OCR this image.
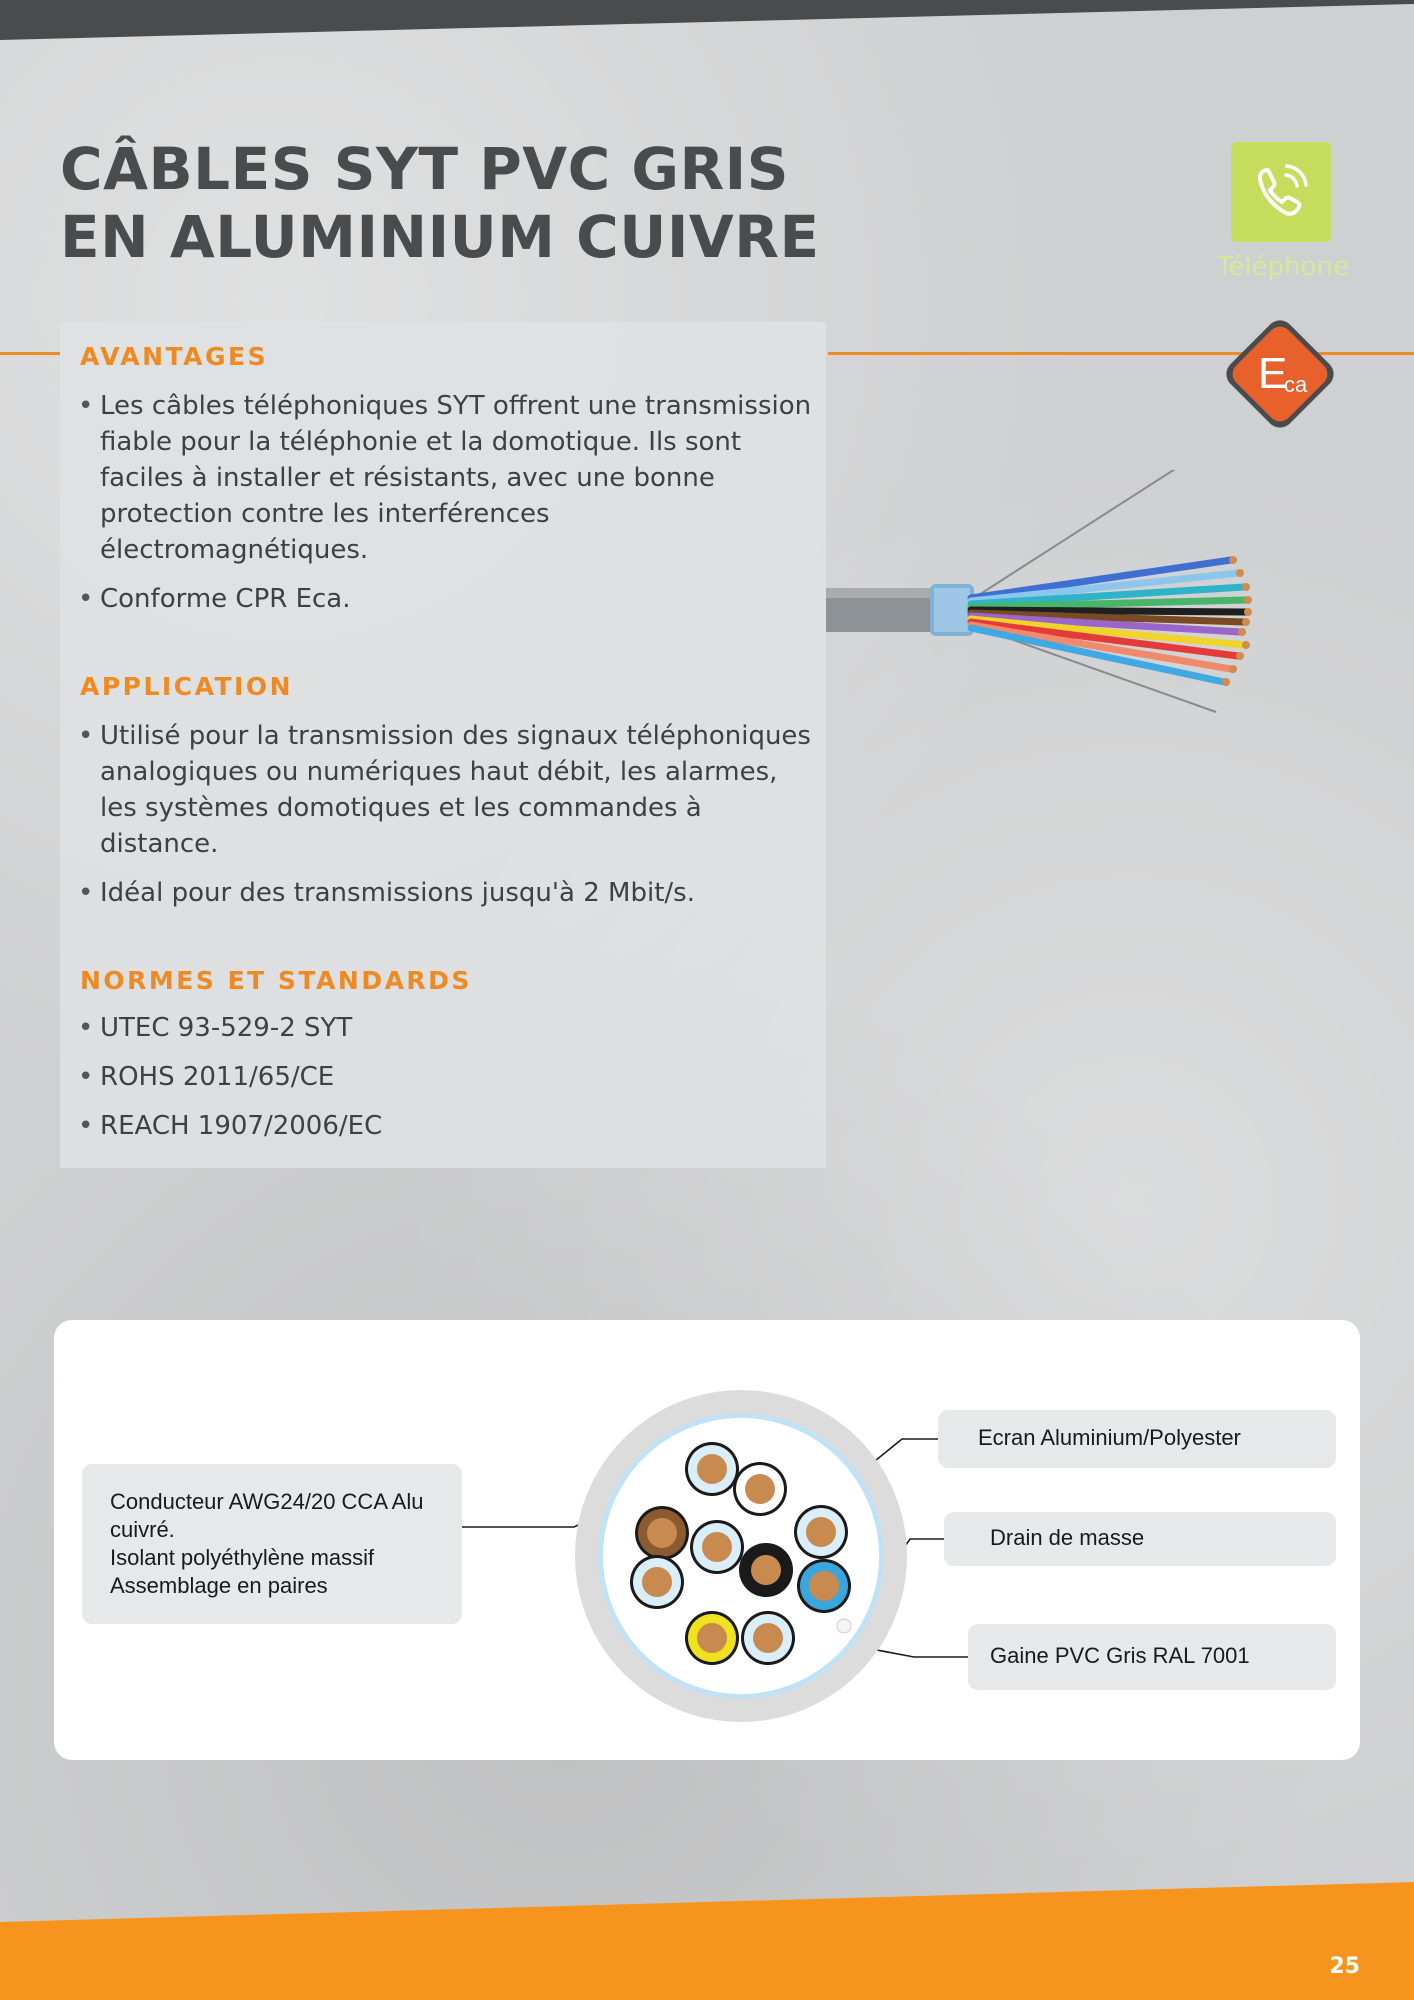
CÂBLES SYT PVC GRIS
EN ALUMINIUM CUIVRE	Téléphone
E
ca
AVANTAGES
• Les câbles téléphoniques SYT offrent une transmission fiable pour la téléphonie et la domotique. Ils sont faciles à installer et résistants, avec une bonne protection contre les interférences électromagnétiques.
• Conforme CPR Eca.
APPLICATION
• Utilisé pour la transmission des signaux téléphoniques analogiques ou numériques haut débit, les alarmes, les systèmes domotiques et les commandes à distance.
• Idéal pour des transmissions jusqu'à 2 Mbit/s.
NORMES ET STANDARDS
• UTEC 93-529-2 SYT
• ROHS 2011/65/CE
• REACH 1907/2006/EC
Conducteur AWG24/20 CCA Alu
cuivré.
Isolant polyéthylène massif
Assemblage en paires
Ecran Aluminium/Polyester
Drain de masse
Gaine PVC Gris RAL 7001

25
